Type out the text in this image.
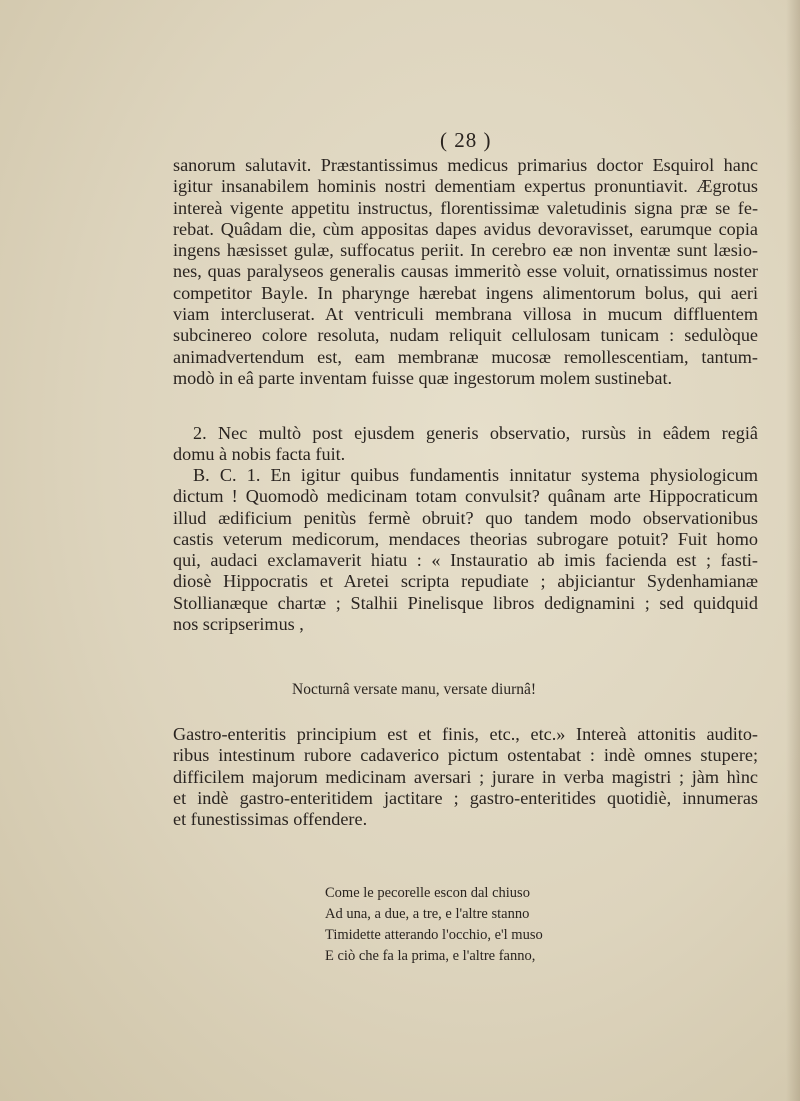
( 28 )
sanorum salutavit. Præstantissimus medicus primarius doctor Esquirol hanc
igitur insanabilem hominis nostri dementiam expertus pronuntiavit. Ægrotus
intereà vigente appetitu instructus, florentissimæ valetudinis signa præ se fe-
rebat. Quâdam die, cùm appositas dapes avidus devoravisset, earumque copia
ingens hæsisset gulæ, suffocatus periit. In cerebro eæ non inventæ sunt læsio-
nes, quas paralyseos generalis causas immeritò esse voluit, ornatissimus noster
competitor Bayle. In pharynge hærebat ingens alimentorum bolus, qui aeri
viam intercluserat. At ventriculi membrana villosa in mucum diffluentem
subcinereo colore resoluta, nudam reliquit cellulosam tunicam : sedulòque
animadvertendum est, eam membranæ mucosæ remollescentiam, tantum-
modò in eâ parte inventam fuisse quæ ingestorum molem sustinebat.
2. Nec multò post ejusdem generis observatio, rursùs in eâdem regiâ
domu à nobis facta fuit.
B. C. 1. En igitur quibus fundamentis innitatur systema physiologicum
dictum ! Quomodò medicinam totam convulsit? quânam arte Hippocraticum
illud ædificium penitùs fermè obruit? quo tandem modo observationibus
castis veterum medicorum, mendaces theorias subrogare potuit? Fuit homo
qui, audaci exclamaverit hiatu : « Instauratio ab imis facienda est ; fasti-
diosè Hippocratis et Aretei scripta repudiate ; abjiciantur Sydenhamianæ
Stollianæque chartæ ; Stalhii Pinelisque libros dedignamini ; sed quidquid
nos scripserimus ,
Nocturnâ versate manu, versate diurnâ!
Gastro-enteritis principium est et finis, etc., etc.» Intereà attonitis audito-
ribus intestinum rubore cadaverico pictum ostentabat : indè omnes stupere;
difficilem majorum medicinam aversari ; jurare in verba magistri ; jàm hìnc
et indè gastro-enteritidem jactitare ; gastro-enteritides quotidiè, innumeras
et funestissimas offendere.
Come le pecorelle escon dal chiuso
Ad una, a due, a tre, e l'altre stanno
Timidette atterando l'occhio, e'l muso
E ciò che fa la prima, e l'altre fanno,
